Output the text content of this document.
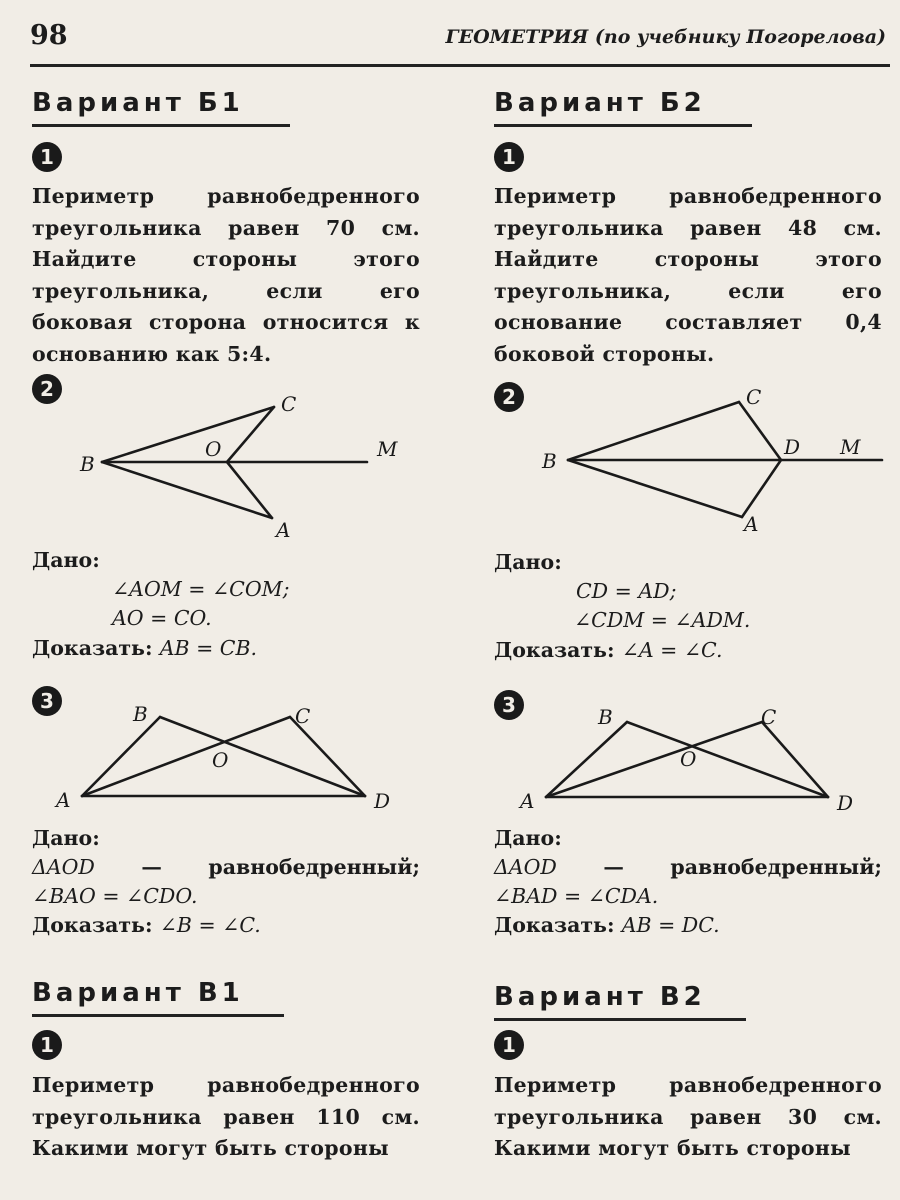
98	ГЕОМЕТРИЯ (по учебнику Погорелова)
Вариант Б1
1

Периметр равнобедренного треугольника равен 70 см. Найдите стороны этого треугольника, если его боковая сторона относится к основанию как 5:4.

2
B
O
C
M
A
Дано:
∠AOM = ∠COM;
AO = CO.
Доказать: AB = CB.
3
A
B	C
D
O
Дано:
ΔAOD — равнобедренный;
∠BAO = ∠CDO.
Доказать: ∠B = ∠C.
Вариант В1
1

Периметр равнобедренного треугольника равен 110 см. Какими могут быть стороны

Вариант Б2
1

Периметр равнобедренного треугольника равен 48 см. Найдите стороны этого треугольника, если его основание составляет 0,4 боковой стороны.

2
B
C
D M
A
Дано:
CD = AD;
∠CDM = ∠ADM.
Доказать: ∠A = ∠C.
3
A
B	C
D
O
Дано:
ΔAOD — равнобедренный;
∠BAD = ∠CDA.
Доказать: AB = DC.
Вариант В2
1

Периметр равнобедренного треугольника равен 30 см. Какими могут быть стороны
